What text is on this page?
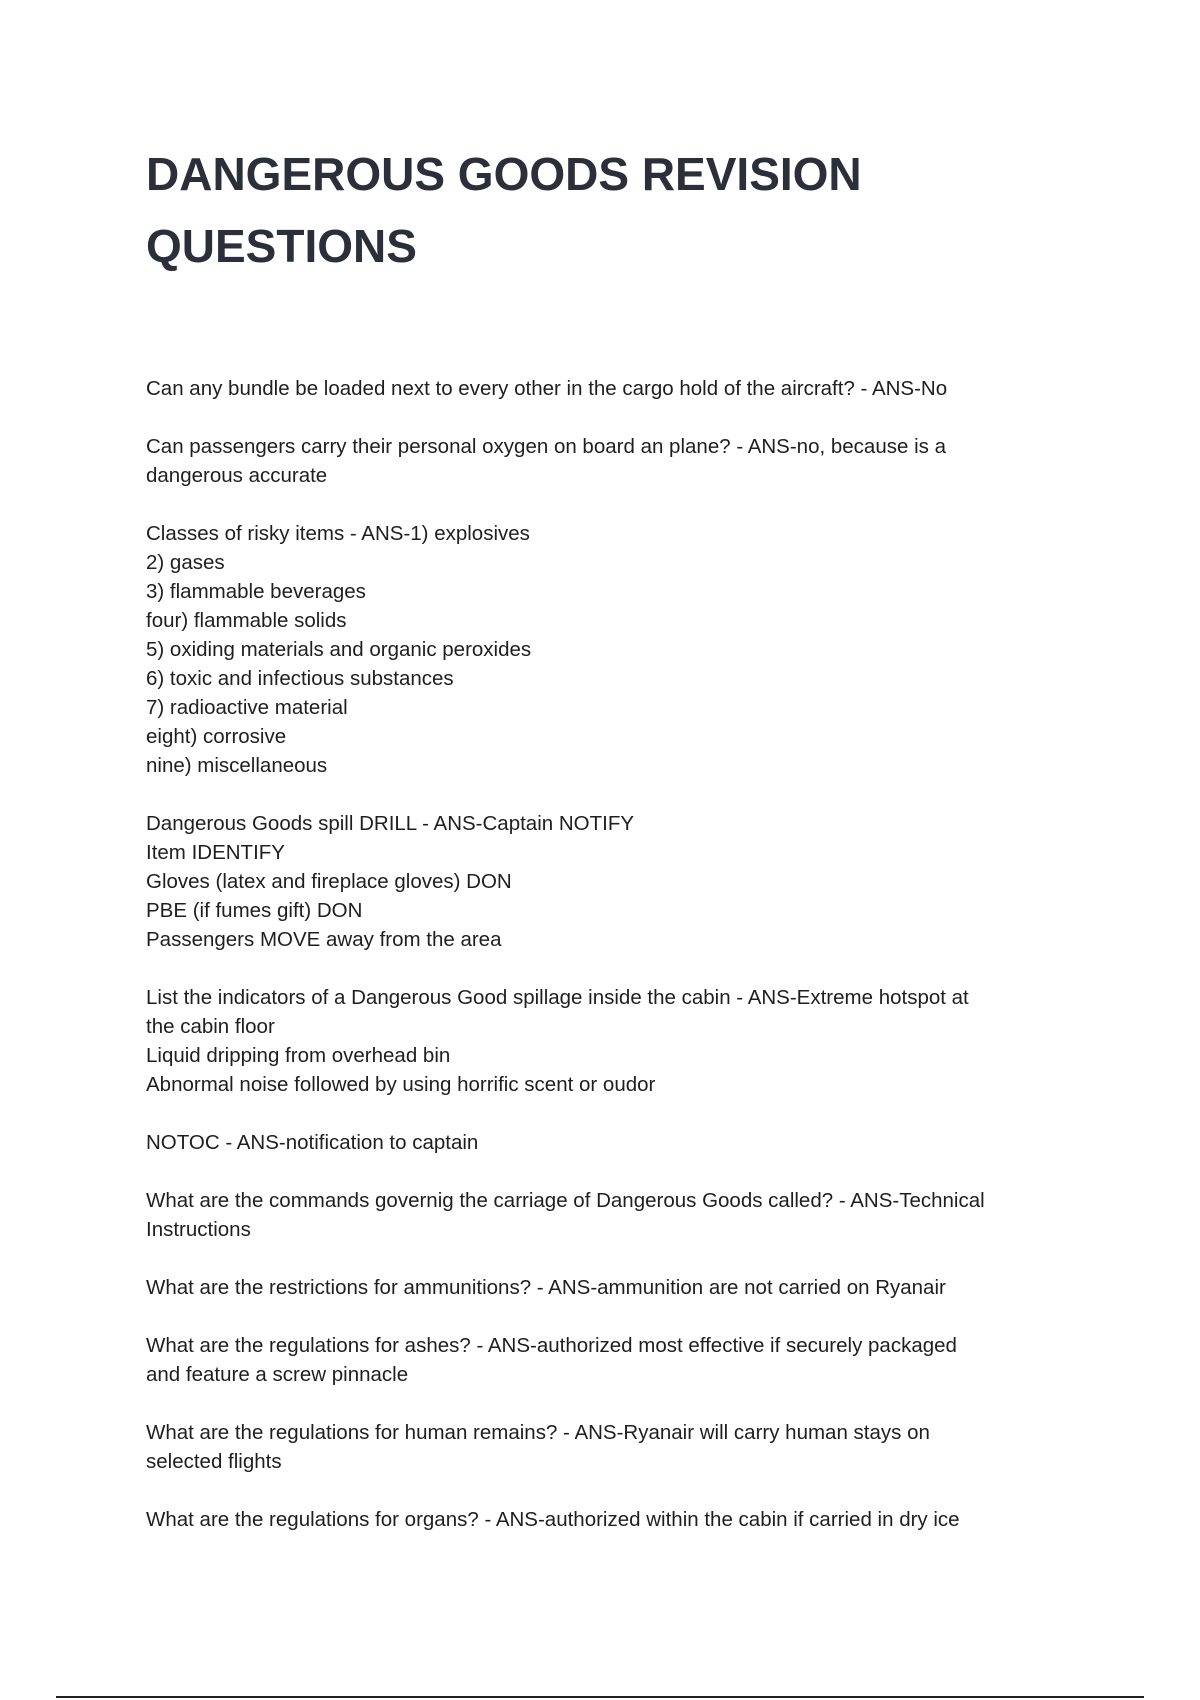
DANGEROUS GOODS REVISION
QUESTIONS
Can any bundle be loaded next to every other in the cargo hold of the aircraft? - ANS-No
Can passengers carry their personal oxygen on board an plane? - ANS-no, because is a
dangerous accurate
Classes of risky items - ANS-1) explosives
2) gases
3) flammable beverages
four) flammable solids
5) oxiding materials and organic peroxides
6) toxic and infectious substances
7) radioactive material
eight) corrosive
nine) miscellaneous
Dangerous Goods spill DRILL - ANS-Captain NOTIFY
Item IDENTIFY
Gloves (latex and fireplace gloves) DON
PBE (if fumes gift) DON
Passengers MOVE away from the area
List the indicators of a Dangerous Good spillage inside the cabin - ANS-Extreme hotspot at
the cabin floor
Liquid dripping from overhead bin
Abnormal noise followed by using horrific scent or oudor
NOTOC - ANS-notification to captain
What are the commands governig the carriage of Dangerous Goods called? - ANS-Technical
Instructions
What are the restrictions for ammunitions? - ANS-ammunition are not carried on Ryanair
What are the regulations for ashes? - ANS-authorized most effective if securely packaged
and feature a screw pinnacle
What are the regulations for human remains? - ANS-Ryanair will carry human stays on
selected flights
What are the regulations for organs? - ANS-authorized within the cabin if carried in dry ice
